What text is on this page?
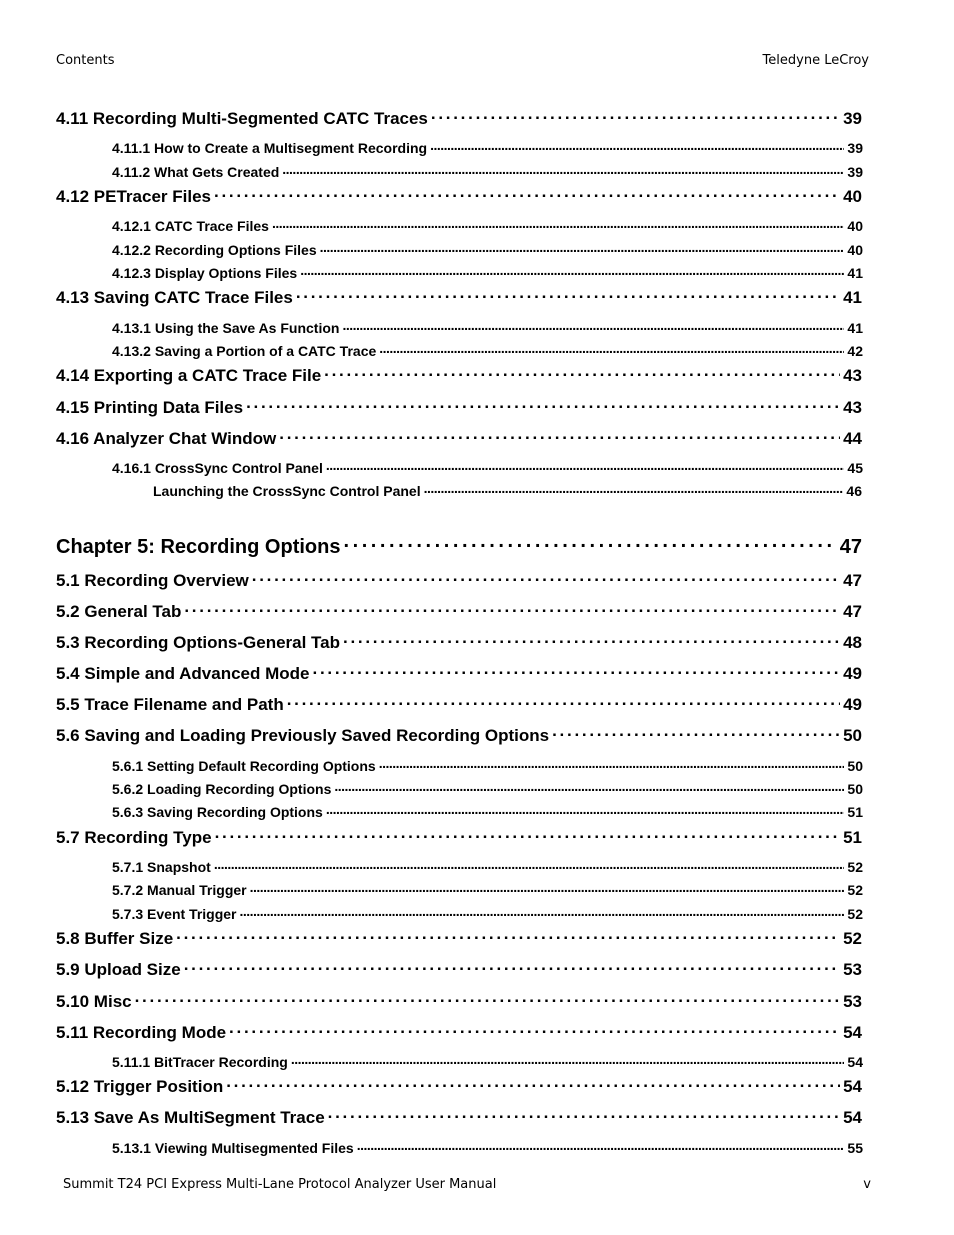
Contents	Teledyne LeCroy
4.11 Recording Multi-Segmented CATC Traces . . .	39
4.11.1 How to Create a Multisegment Recording . . .	39
4.11.2 What Gets Created . . .	39
4.12 PETracer Files . . .	40
4.12.1 CATC Trace Files . . .	40
4.12.2 Recording Options Files . . .	40
4.12.3 Display Options Files . . .	41
4.13 Saving CATC Trace Files . . .	41
4.13.1 Using the Save As Function . . .	41
4.13.2 Saving a Portion of a CATC Trace . . .	42
4.14 Exporting a CATC Trace File . . .	43
4.15 Printing Data Files . . .	43
4.16 Analyzer Chat Window . . .	44
4.16.1 CrossSync Control Panel . . .	45
Launching the CrossSync Control Panel . . .	46
Chapter 5: Recording Options . . .	47
5.1 Recording Overview . . .	47
5.2 General Tab . . .	47
5.3 Recording Options-General Tab . . .	48
5.4 Simple and Advanced Mode . . .	49
5.5 Trace Filename and Path . . .	49
5.6 Saving and Loading Previously Saved Recording Options . . .	50
5.6.1 Setting Default Recording Options . . .	50
5.6.2 Loading Recording Options . . .	50
5.6.3 Saving Recording Options . . .	51
5.7 Recording Type . . .	51
5.7.1 Snapshot . . .	52
5.7.2 Manual Trigger . . .	52
5.7.3 Event Trigger . . .	52
5.8 Buffer Size . . .	52
5.9 Upload Size . . .	53
5.10 Misc . . .	53
5.11 Recording Mode . . .	54
5.11.1 BitTracer Recording . . .	54
5.12 Trigger Position . . .	54
5.13 Save As MultiSegment Trace . . .	54
5.13.1 Viewing Multisegmented Files . . .	55
Summit T24 PCI Express Multi-Lane Protocol Analyzer User Manual	v
